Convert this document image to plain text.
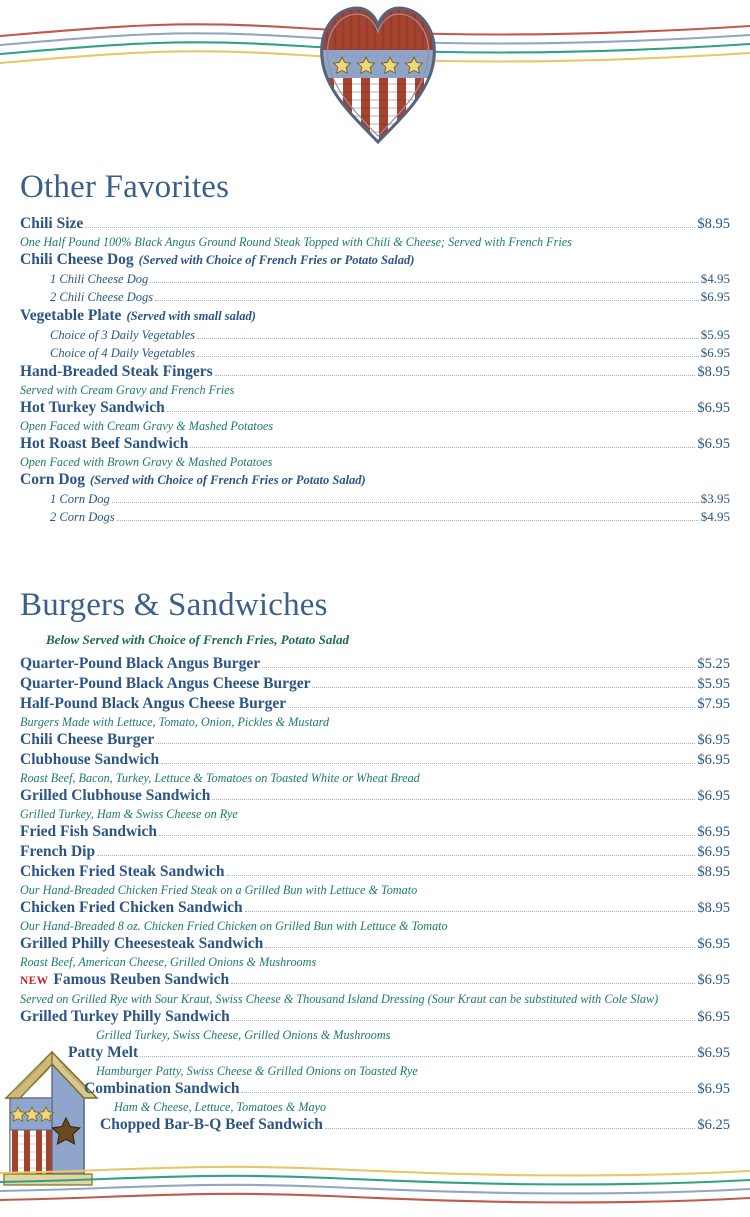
Other Favorites
Chili Size	$8.95
One Half Pound 100% Black Angus Ground Round Steak Topped with Chili & Cheese; Served with French Fries
Chili Cheese Dog (Served with Choice of French Fries or Potato Salad)
1 Chili Cheese Dog	$4.95
2 Chili Cheese Dogs	$6.95
Vegetable Plate (Served with small salad)
Choice of 3 Daily Vegetables	$5.95
Choice of 4 Daily Vegetables	$6.95
Hand-Breaded Steak Fingers	$8.95
Served with Cream Gravy and French Fries
Hot Turkey Sandwich	$6.95
Open Faced with Cream Gravy & Mashed Potatoes
Hot Roast Beef Sandwich	$6.95
Open Faced with Brown Gravy & Mashed Potatoes
Corn Dog (Served with Choice of French Fries or Potato Salad)
1 Corn Dog	$3.95
2 Corn Dogs	$4.95
Burgers & Sandwiches
Below Served with Choice of French Fries, Potato Salad
Quarter-Pound Black Angus Burger	$5.25
Quarter-Pound Black Angus Cheese Burger	$5.95
Half-Pound Black Angus Cheese Burger	$7.95
Burgers Made with Lettuce, Tomato, Onion, Pickles & Mustard
Chili Cheese Burger	$6.95
Clubhouse Sandwich	$6.95
Roast Beef, Bacon, Turkey, Lettuce & Tomatoes on Toasted White or Wheat Bread
Grilled Clubhouse Sandwich	$6.95
Grilled Turkey, Ham & Swiss Cheese on Rye
Fried Fish Sandwich	$6.95
French Dip	$6.95
Chicken Fried Steak Sandwich	$8.95
Our Hand-Breaded Chicken Fried Steak on a Grilled Bun with Lettuce & Tomato
Chicken Fried Chicken Sandwich	$8.95
Our Hand-Breaded 8 oz. Chicken Fried Chicken on Grilled Bun with Lettuce & Tomato
Grilled Philly Cheesesteak Sandwich	$6.95
Roast Beef, American Cheese, Grilled Onions & Mushrooms
NEW Famous Reuben Sandwich	$6.95
Served on Grilled Rye with Sour Kraut, Swiss Cheese & Thousand Island Dressing (Sour Kraut can be substituted with Cole Slaw)
Grilled Turkey Philly Sandwich	$6.95
Grilled Turkey, Swiss Cheese, Grilled Onions & Mushrooms
Patty Melt	$6.95
Hamburger Patty, Swiss Cheese & Grilled Onions on Toasted Rye
Combination Sandwich	$6.95
Ham & Cheese, Lettuce, Tomatoes & Mayo
Chopped Bar-B-Q Beef Sandwich	$6.25
